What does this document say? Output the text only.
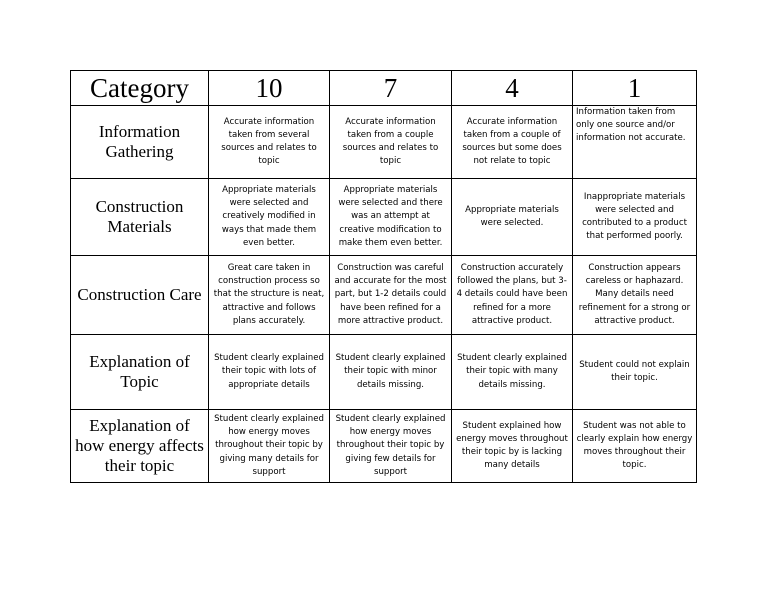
Category	10	7	4	1
Information Gathering	Accurate information taken from several sources and relates to topic	Accurate information taken from a couple sources and relates to topic	Accurate information taken from a couple of sources but some does not relate to topic	Information taken from only one source and/or information not accurate.
Construction Materials	Appropriate materials were selected and creatively modified in ways that made them even better.	Appropriate materials were selected and there was an attempt at creative modification to make them even better.	Appropriate materials were selected.	Inappropriate materials were selected and contributed to a product that performed poorly.
Construction Care	Great care taken in construction process so that the structure is neat, attractive and follows plans accurately.	Construction was careful and accurate for the most part, but 1-2 details could have been refined for a more attractive product.	Construction accurately followed the plans, but 3-4 details could have been refined for a more attractive product.	Construction appears careless or haphazard. Many details need refinement for a strong or attractive product.
Explanation of Topic	Student clearly explained their topic with lots of appropriate details	Student clearly explained their topic with minor details missing.	Student clearly explained their topic with many details missing.	Student could not explain their topic.
Explanation of how energy affects their topic	Student clearly explained how energy moves throughout their topic by giving many details for support	Student clearly explained how energy moves throughout their topic by giving few details for support	Student explained how energy moves throughout their topic by is lacking many details	Student was not able to clearly explain how energy moves throughout their topic.
